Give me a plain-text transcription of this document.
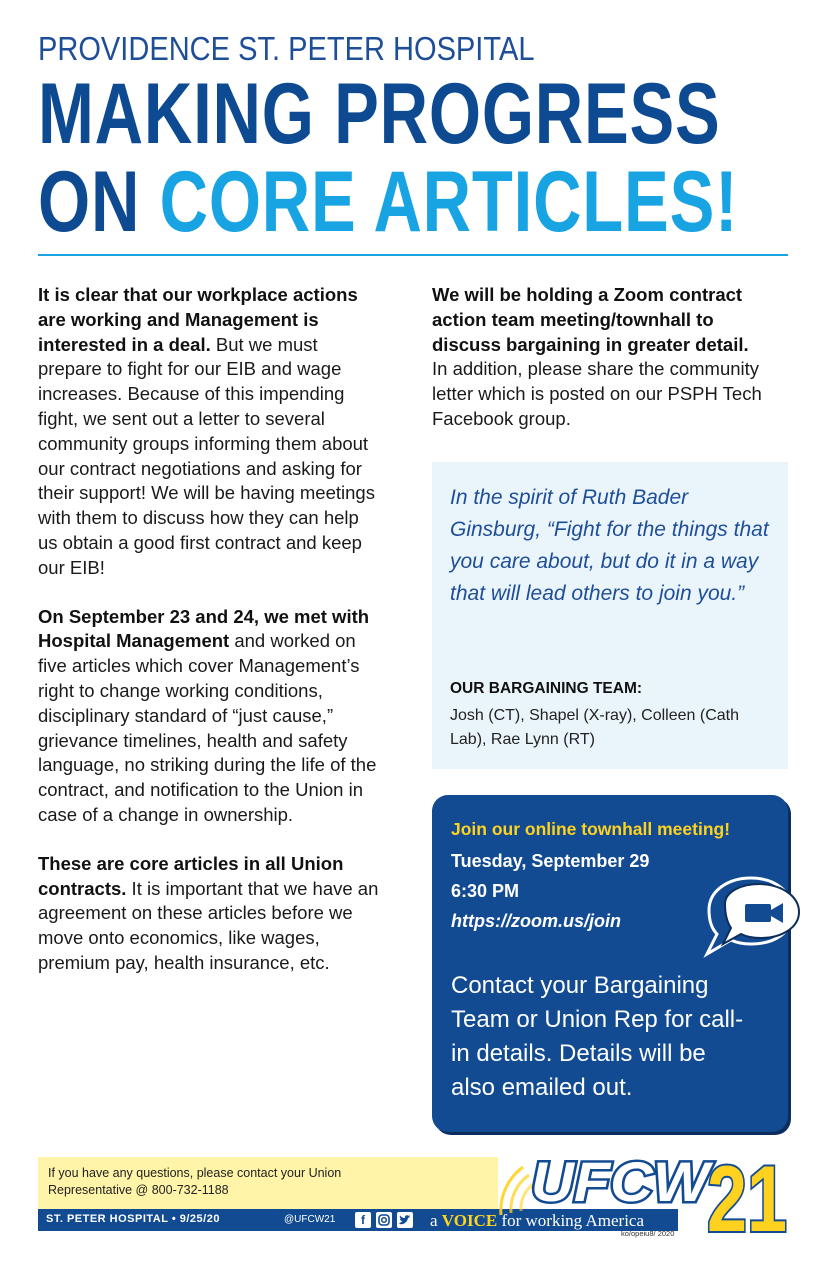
PROVIDENCE ST. PETER HOSPITAL
MAKING PROGRESS
ON CORE ARTICLES!

It is clear that our workplace actions are working and Management is interested in a deal. But we must prepare to fight for our EIB and wage increases. Because of this impending fight, we sent out a letter to several community groups informing them about our contract negotiations and asking for their support! We will be having meetings with them to discuss how they can help us obtain a good first contract and keep our EIB!

On September 23 and 24, we met with Hospital Management and worked on five articles which cover Management’s right to change working conditions, disciplinary standard of “just cause,” grievance timelines, health and safety language, no striking during the life of the contract, and notification to the Union in case of a change in ownership.

These are core articles in all Union contracts. It is important that we have an agreement on these articles before we move onto economics, like wages, premium pay, health insurance, etc.

We will be holding a Zoom contract action team meeting/townhall to discuss bargaining in greater detail. In addition, please share the community letter which is posted on our PSPH Tech Facebook group.

In the spirit of Ruth Bader Ginsburg, “Fight for the things that you care about, but do it in a way that will lead others to join you.”
OUR BARGAINING TEAM:
Josh (CT), Shapel (X-ray), Colleen (Cath Lab), Rae Lynn (RT)
Join our online townhall meeting!
Tuesday, September 29
6:30 PM
https://zoom.us/join
Contact your Bargaining Team or Union Rep for call-in details. Details will be also emailed out.
If you have any questions, please contact your Union Representative @ 800-732-1188
ST. PETER HOSPITAL • 9/25/20	@UFCW21	f	a VOICE for working America
UFCW
21
ko/opeiu8/ 2020
